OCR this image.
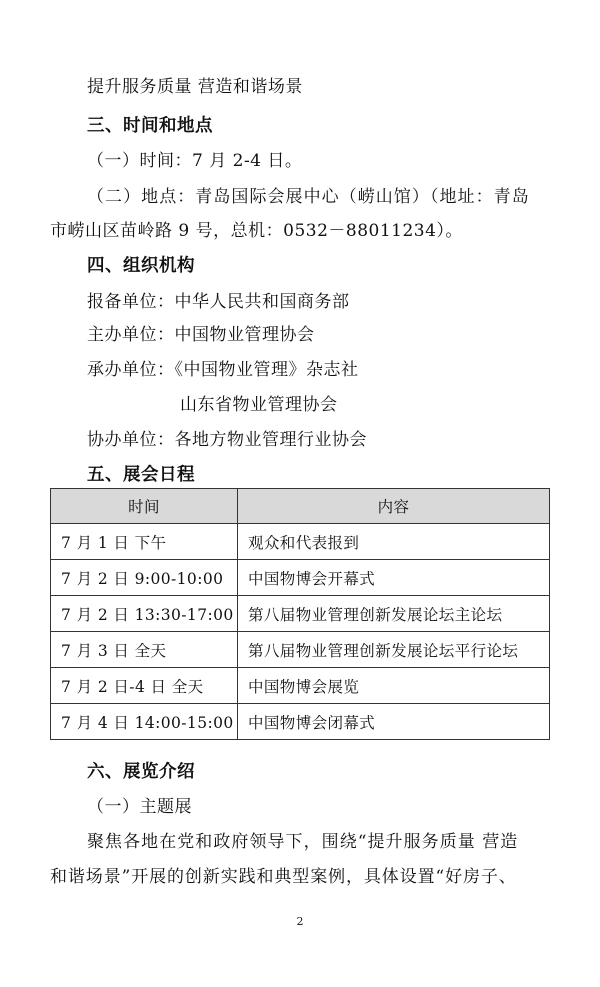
提升服务质量 营造和谐场景
三、时间和地点
（一）时间：7 月 2-4 日。
（二）地点：青岛国际会展中心（崂山馆）（地址：青岛
市崂山区苗岭路 9 号，总机：0532－88011234）。
四、组织机构
报备单位：中华人民共和国商务部
主办单位：中国物业管理协会
承办单位：《中国物业管理》杂志社
山东省物业管理协会
协办单位：各地方物业管理行业协会
五、展会日程
时间	内容
7 月 1 日 下午	观众和代表报到
7 月 2 日 9:00-10:00	中国物博会开幕式
7 月 2 日 13:30-17:00	第八届物业管理创新发展论坛主论坛
7 月 3 日 全天	第八届物业管理创新发展论坛平行论坛
7 月 2 日-4 日 全天	中国物博会展览
7 月 4 日 14:00-15:00	中国物博会闭幕式
六、展览介绍
（一）主题展
聚焦各地在党和政府领导下，围绕“提升服务质量 营造
和谐场景”开展的创新实践和典型案例，具体设置“好房子、
2
